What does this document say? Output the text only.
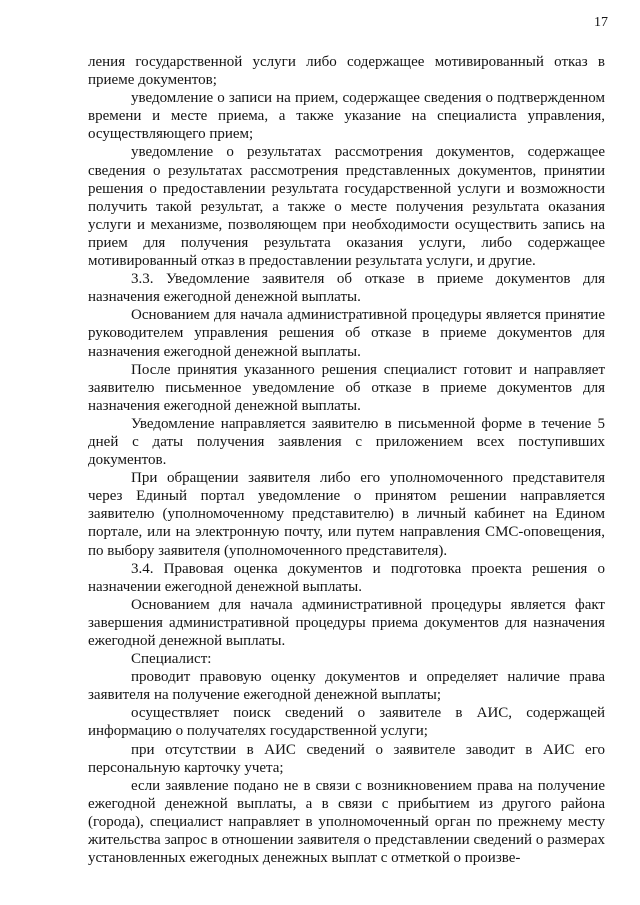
17

ления государственной услуги либо содержащее мотивированный отказ в приеме документов;

уведомление о записи на прием, содержащее сведения о подтвержденном времени и месте приема, а также указание на специалиста управления, осуществляющего прием;

уведомление о результатах рассмотрения документов, содержащее сведения о результатах рассмотрения представленных документов, принятии решения о предоставлении результата государственной услуги и возможности получить такой результат, а также о месте получения результата оказания услуги и механизме, позволяющем при необходимости осуществить запись на прием для получения результата оказания услуги, либо содержащее мотивированный отказ в предоставлении результата услуги, и другие.

3.3. Уведомление заявителя об отказе в приеме документов для назначения ежегодной денежной выплаты.

Основанием для начала административной процедуры является принятие руководителем управления решения об отказе в приеме документов для назначения ежегодной денежной выплаты.

После принятия указанного решения специалист готовит и направляет заявителю письменное уведомление об отказе в приеме документов для назначения ежегодной денежной выплаты.

Уведомление направляется заявителю в письменной форме в течение 5 дней с даты получения заявления с приложением всех поступивших документов.

При обращении заявителя либо его уполномоченного представителя через Единый портал уведомление о принятом решении направляется заявителю (уполномоченному представителю) в личный кабинет на Едином портале, или на электронную почту, или путем направления СМС-оповещения, по выбору заявителя (уполномоченного представителя).

3.4. Правовая оценка документов и подготовка проекта решения о назначении ежегодной денежной выплаты.

Основанием для начала административной процедуры является факт завершения административной процедуры приема документов для назначения ежегодной денежной выплаты.

Специалист:

проводит правовую оценку документов и определяет наличие права заявителя на получение ежегодной денежной выплаты;

осуществляет поиск сведений о заявителе в АИС, содержащей информацию о получателях государственной услуги;

при отсутствии в АИС сведений о заявителе заводит в АИС его персональную карточку учета;

если заявление подано не в связи с возникновением права на получение ежегодной денежной выплаты, а в связи с прибытием из другого района (города), специалист направляет в уполномоченный орган по прежнему месту жительства запрос в отношении заявителя о представлении сведений о размерах установленных ежегодных денежных выплат с отметкой о произве-
